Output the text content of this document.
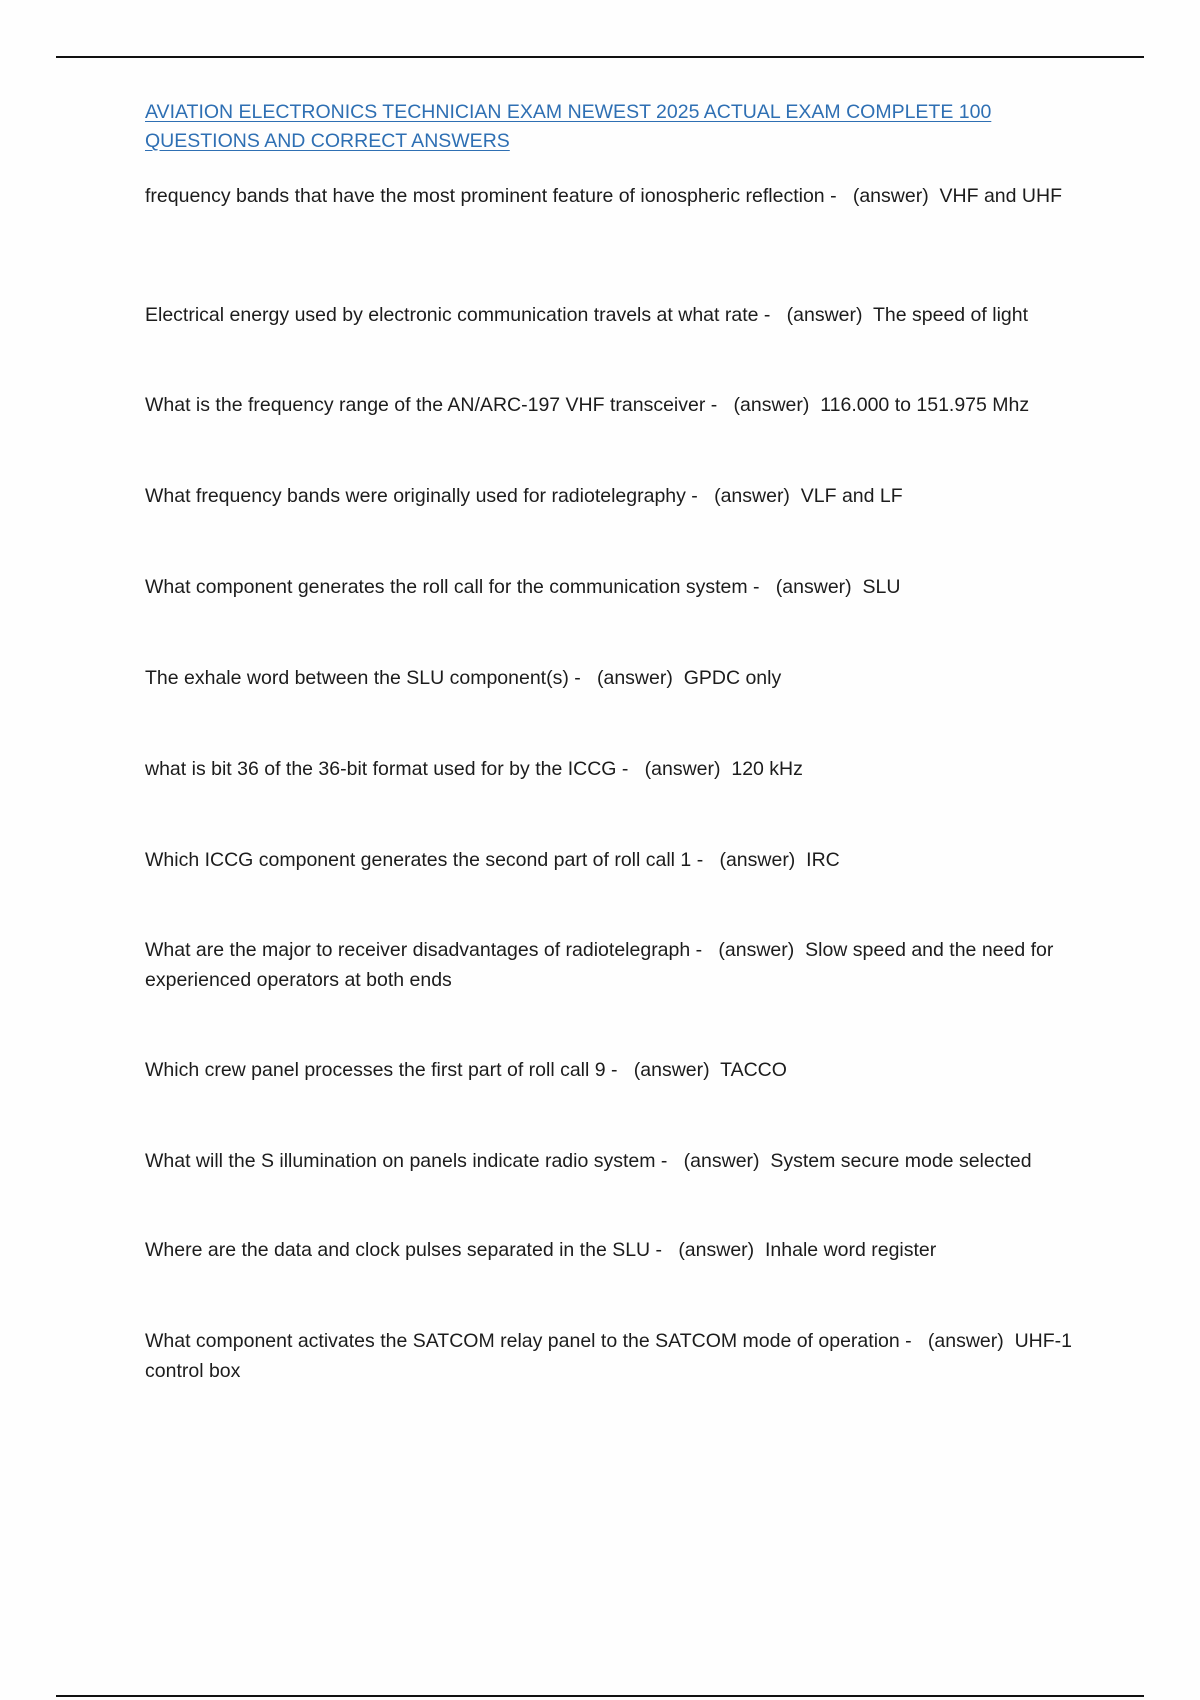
AVIATION ELECTRONICS TECHNICIAN EXAM NEWEST 2025 ACTUAL EXAM COMPLETE 100 QUESTIONS AND CORRECT ANSWERS

frequency bands that have the most prominent feature of ionospheric reflection - (answer) VHF and UHF

Electrical energy used by electronic communication travels at what rate - (answer) The speed of light

What is the frequency range of the AN/ARC-197 VHF transceiver - (answer) 116.000 to 151.975 Mhz

What frequency bands were originally used for radiotelegraphy - (answer) VLF and LF

What component generates the roll call for the communication system - (answer) SLU

The exhale word between the SLU component(s) - (answer) GPDC only

what is bit 36 of the 36-bit format used for by the ICCG - (answer) 120 kHz

Which ICCG component generates the second part of roll call 1 - (answer) IRC

What are the major to receiver disadvantages of radiotelegraph - (answer) Slow speed and the need for experienced operators at both ends

Which crew panel processes the first part of roll call 9 - (answer) TACCO

What will the S illumination on panels indicate radio system - (answer) System secure mode selected

Where are the data and clock pulses separated in the SLU - (answer) Inhale word register

What component activates the SATCOM relay panel to the SATCOM mode of operation - (answer) UHF-1 control box
